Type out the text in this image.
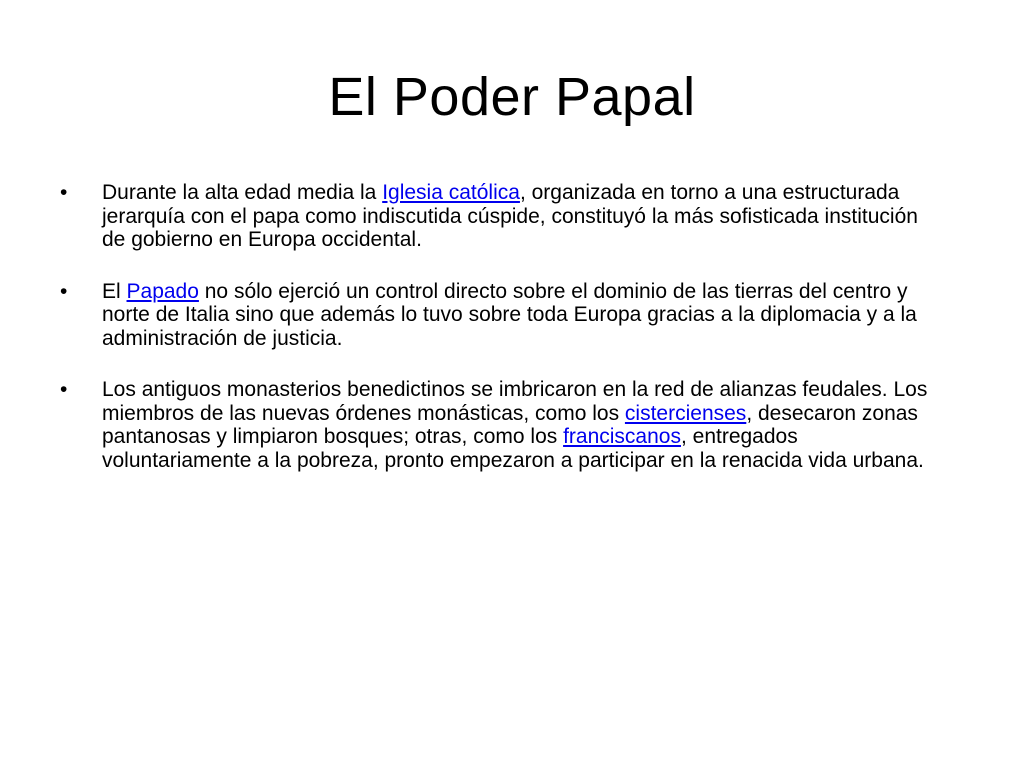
El Poder Papal
•	Durante la alta edad media la Iglesia católica, organizada en torno a una estructurada jerarquía con el papa como indiscutida cúspide, constituyó la más sofisticada institución de gobierno en Europa occidental.
•	El Papado no sólo ejerció un control directo sobre el dominio de las tierras del centro y norte de Italia sino que además lo tuvo sobre toda Europa gracias a la diplomacia y a la administración de justicia.
•	Los antiguos monasterios benedictinos se imbricaron en la red de alianzas feudales. Los miembros de las nuevas órdenes monásticas, como los cistercienses, desecaron zonas pantanosas y limpiaron bosques; otras, como los franciscanos, entregados voluntariamente a la pobreza, pronto empezaron a participar en la renacida vida urbana.
